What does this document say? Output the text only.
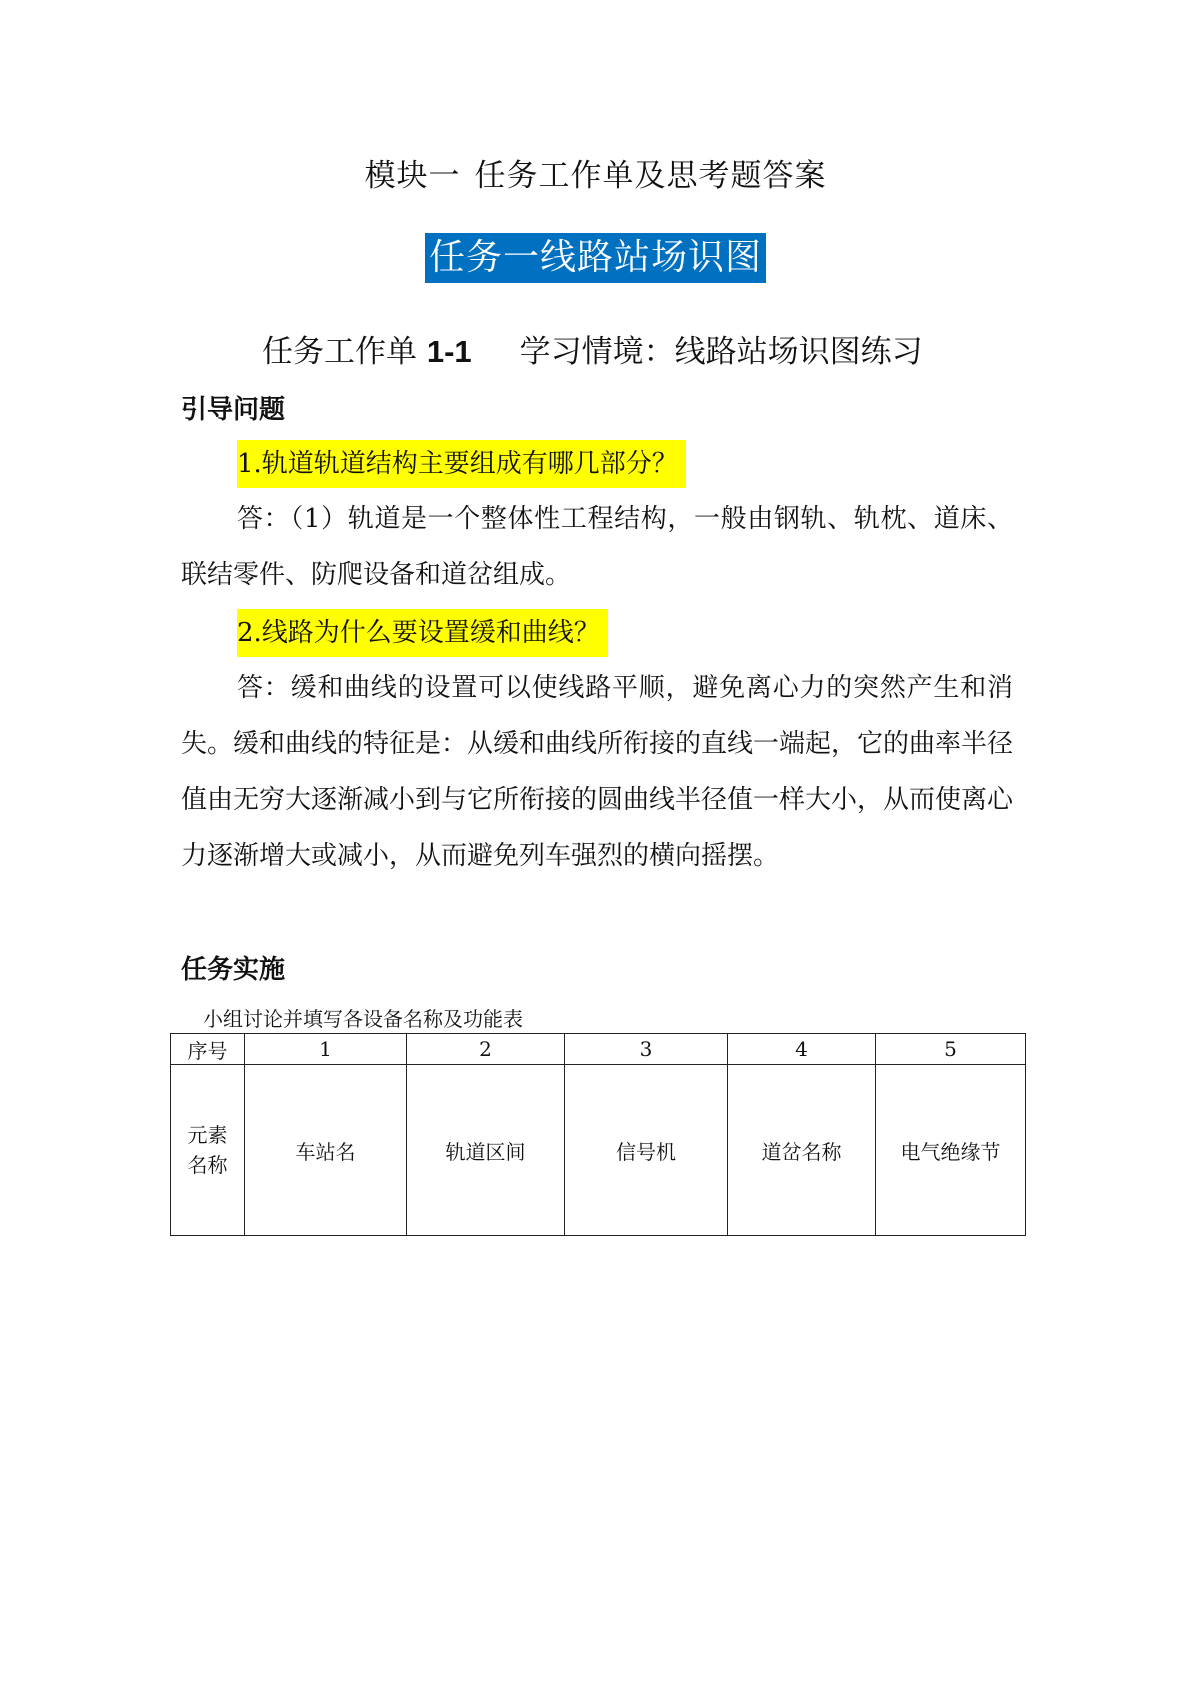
模块一 任务工作单及思考题答案
任务一线路站场识图
任务工作单 1-1 学习情境：线路站场识图练习
引导问题
1.轨道轨道结构主要组成有哪几部分？
答：（1）轨道是一个整体性工程结构，一般由钢轨、轨枕、道床、联结零件、防爬设备和道岔组成。
2.线路为什么要设置缓和曲线？
答：缓和曲线的设置可以使线路平顺，避免离心力的突然产生和消失。缓和曲线的特征是：从缓和曲线所衔接的直线一端起，它的曲率半径值由无穷大逐渐减小到与它所衔接的圆曲线半径值一样大小，从而使离心力逐渐增大或减小，从而避免列车强烈的横向摇摆。
任务实施
小组讨论并填写各设备名称及功能表
序号	1	2	3	4	5
元素名称	车站名	轨道区间	信号机	道岔名称	电气绝缘节
